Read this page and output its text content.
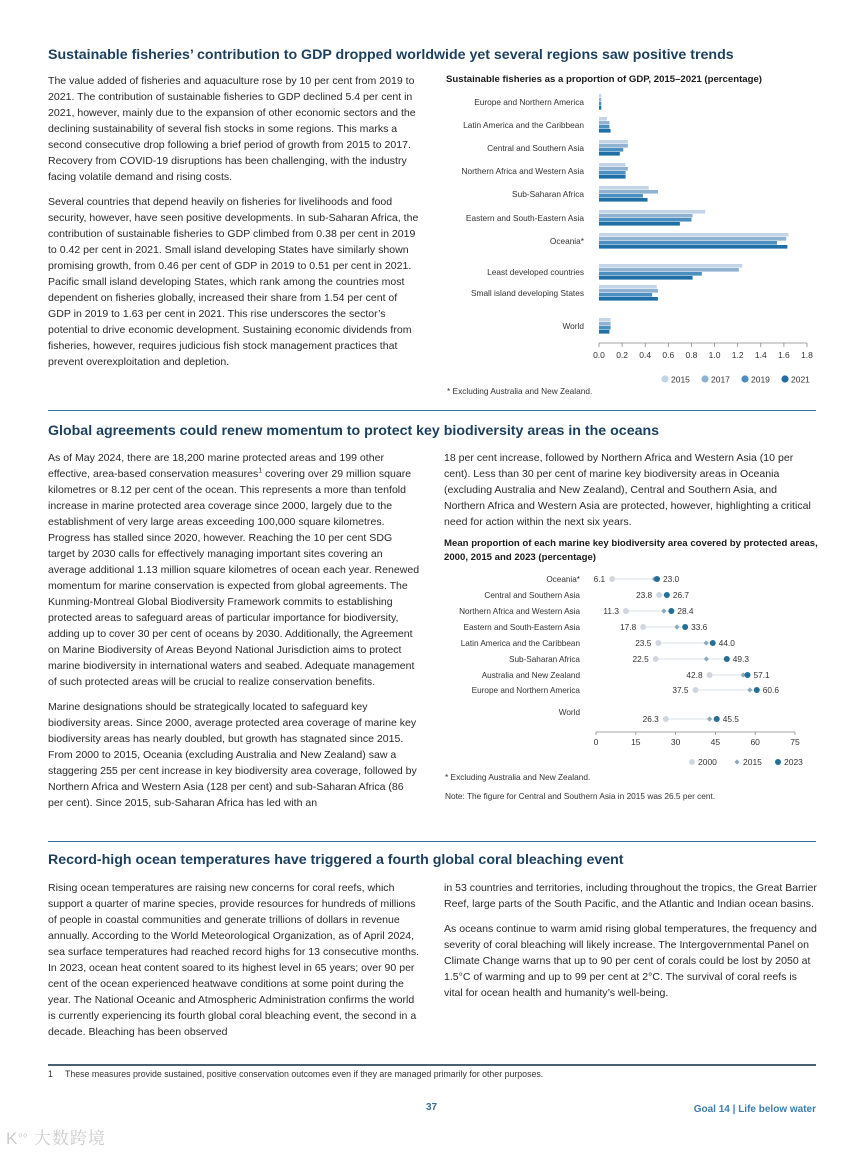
Sustainable fisheries’ contribution to GDP dropped worldwide yet several regions saw positive trends

The value added of fisheries and aquaculture rose by 10 per cent from 2019 to 2021. The contribution of sustainable fisheries to GDP declined 5.4 per cent in 2021, however, mainly due to the expansion of other economic sectors and the declining sustainability of several fish stocks in some regions. This marks a second consecutive drop following a brief period of growth from 2015 to 2017. Recovery from COVID-19 disruptions has been challenging, with the industry facing volatile demand and rising costs.

Several countries that depend heavily on fisheries for livelihoods and food security, however, have seen positive developments. In sub-Saharan Africa, the contribution of sustainable fisheries to GDP climbed from 0.38 per cent in 2019 to 0.42 per cent in 2021. Small island developing States have similarly shown promising growth, from 0.46 per cent of GDP in 2019 to 0.51 per cent in 2021. Pacific small island developing States, which rank among the countries most dependent on fisheries globally, increased their share from 1.54 per cent of GDP in 2019 to 1.63 per cent in 2021. This rise underscores the sector’s potential to drive economic development. Sustaining economic dividends from fisheries, however, requires judicious fish stock management practices that prevent overexploitation and depletion.

Sustainable fisheries as a proportion of GDP, 2015–2021 (percentage)
Europe and Northern America
Latin America and the Caribbean
Central and Southern Asia
Northern Africa and Western Asia
Sub-Saharan Africa
Eastern and South-Eastern Asia
Oceania*
Least developed countries
Small island developing States
World
0.0 0.2 0.4 0.6 0.8 1.0 1.2 1.4 1.6 1.8
2015 2017 2019 2021
* Excluding Australia and New Zealand.
Global agreements could renew momentum to protect key biodiversity areas in the oceans

As of May 2024, there are 18,200 marine protected areas and 199 other effective, area-based conservation measures$^1$ covering over 29 million square kilometres or 8.12 per cent of the ocean. This represents a more than tenfold increase in marine protected area coverage since 2000, largely due to the establishment of very large areas exceeding 100,000 square kilometres. Progress has stalled since 2020, however. Reaching the 10 per cent SDG target by 2030 calls for effectively managing important sites covering an average additional 1.13 million square kilometres of ocean each year. Renewed momentum for marine conservation is expected from global agreements. The Kunming-Montreal Global Biodiversity Framework commits to establishing protected areas to safeguard areas of particular importance for biodiversity, adding up to cover 30 per cent of oceans by 2030. Additionally, the Agreement on Marine Biodiversity of Areas Beyond National Jurisdiction aims to protect marine biodiversity in international waters and seabed. Adequate management of such protected areas will be crucial to realize conservation benefits.

Marine designations should be strategically located to safeguard key biodiversity areas. Since 2000, average protected area coverage of marine key biodiversity areas has nearly doubled, but growth has stagnated since 2015. From 2000 to 2015, Oceania (excluding Australia and New Zealand) saw a staggering 255 per cent increase in key biodiversity area coverage, followed by Northern Africa and Western Asia (128 per cent) and sub-Saharan Africa (86 per cent). Since 2015, sub-Saharan Africa has led with an

18 per cent increase, followed by Northern Africa and Western Asia (10 per cent). Less than 30 per cent of marine key biodiversity areas in Oceania (excluding Australia and New Zealand), Central and Southern Asia, and Northern Africa and Western Asia are protected, however, highlighting a critical need for action within the next six years.

Mean proportion of each marine key biodiversity area covered by protected areas, 2000, 2015 and 2023 (percentage)
Oceania* 6.1	23.0
Central and Southern Asia	23.8 26.7
Northern Africa and Western Asia	11.3	28.4
Eastern and South-Eastern Asia	17.8	33.6
Latin America and the Caribbean	23.5	44.0
Sub-Saharan Africa	22.5	49.3
Australia and New Zealand	42.8	57.1
Europe and Northern America	37.5	60.6
World
26.3	45.5
0	15	30	45	60	75
2000	2015	2023
* Excluding Australia and New Zealand.
Note: The figure for Central and Southern Asia in 2015 was 26.5 per cent.
Record-high ocean temperatures have triggered a fourth global coral bleaching event

Rising ocean temperatures are raising new concerns for coral reefs, which support a quarter of marine species, provide resources for hundreds of millions of people in coastal communities and generate trillions of dollars in revenue annually. According to the World Meteorological Organization, as of April 2024, sea surface temperatures had reached record highs for 13 consecutive months. In 2023, ocean heat content soared to its highest level in 65 years; over 90 per cent of the ocean experienced heatwave conditions at some point during the year. The National Oceanic and Atmospheric Administration confirms the world is currently experiencing its fourth global coral bleaching event, the second in a decade. Bleaching has been observed

in 53 countries and territories, including throughout the tropics, the Great Barrier Reef, large parts of the South Pacific, and the Atlantic and Indian ocean basins.

As oceans continue to warm amid rising global temperatures, the frequency and severity of coral bleaching will likely increase. The Intergovernmental Panel on Climate Change warns that up to 90 per cent of corals could be lost by 2050 at 1.5°C of warming and up to 99 per cent at 2°C. The survival of coral reefs is vital for ocean health and humanity’s well-being.

1 These measures provide sustained, positive conservation outcomes even if they are managed primarily for other purposes.
37	Goal 14 | Life below water
$K^{oo}$ 大数跨境
